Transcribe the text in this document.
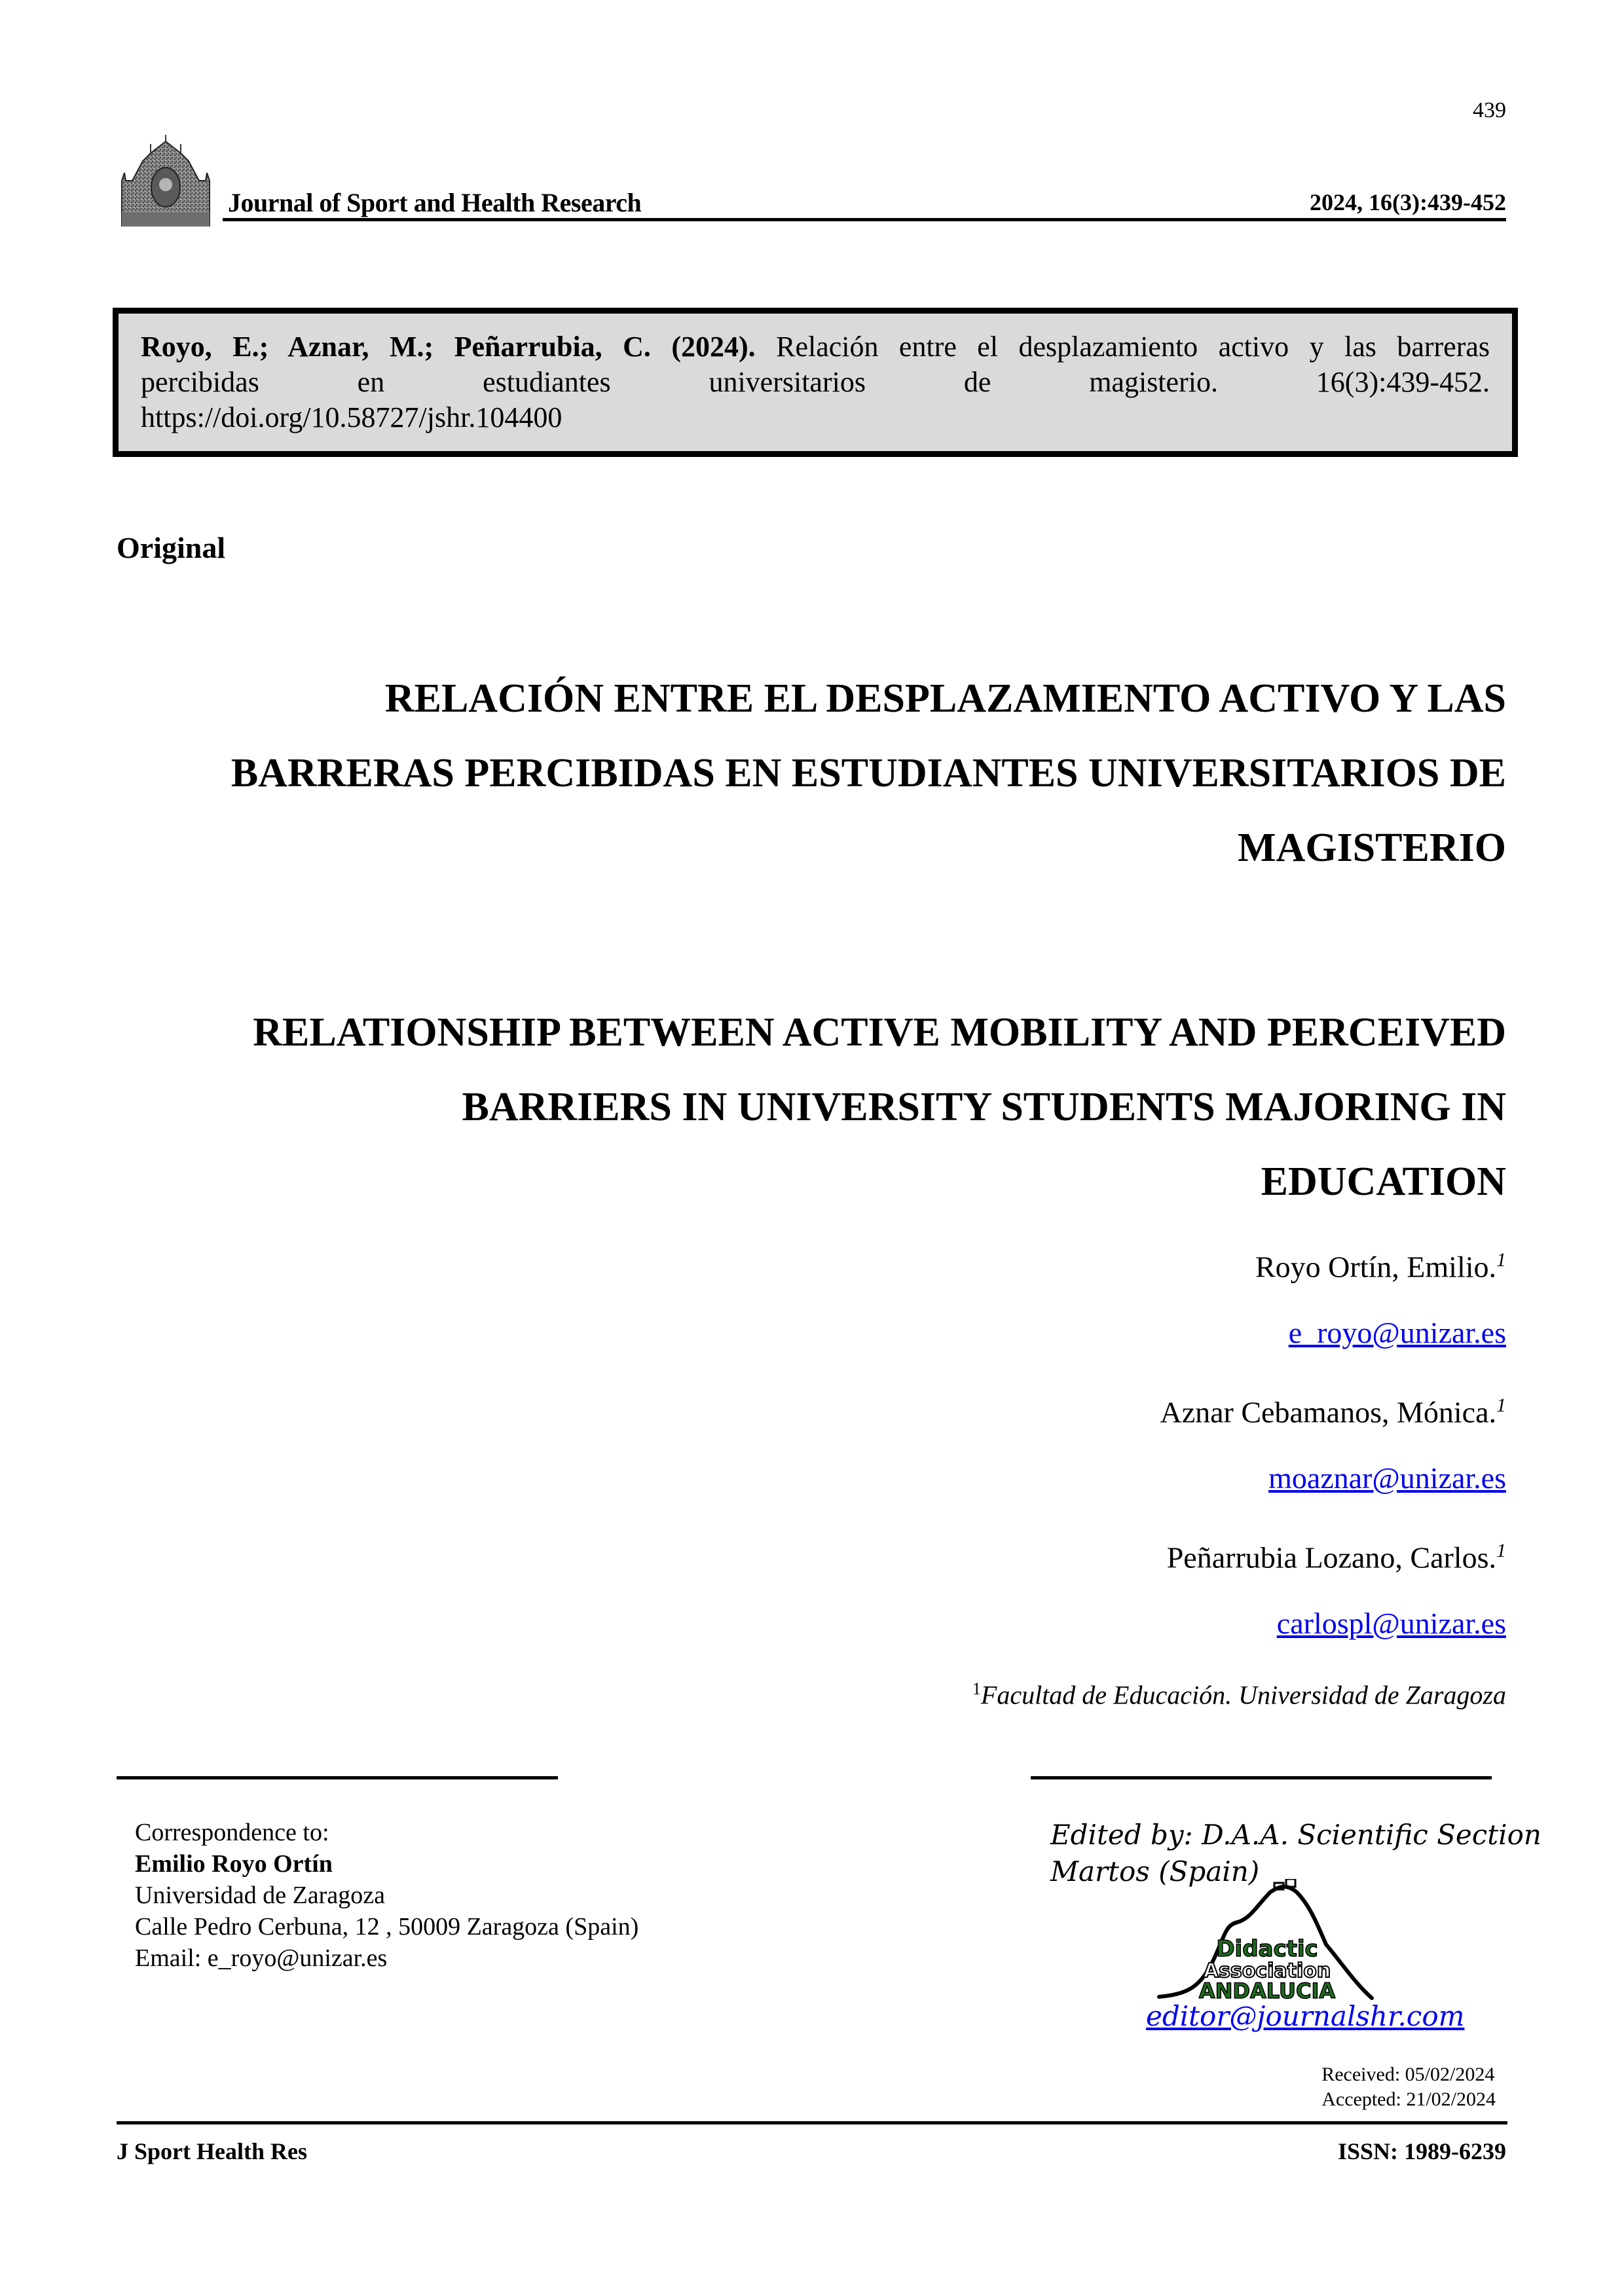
439
Journal of Sport and Health Research	2024, 16(3):439-452
Royo, E.; Aznar, M.; Peñarrubia, C. (2024). Relación entre el desplazamiento activo y las barreras
percibidas en estudiantes universitarios de magisterio. 16(3):439-452.
https://doi.org/10.58727/jshr.104400
Original
RELACIÓN ENTRE EL DESPLAZAMIENTO ACTIVO Y LAS
BARRERAS PERCIBIDAS EN ESTUDIANTES UNIVERSITARIOS DE
MAGISTERIO
RELATIONSHIP BETWEEN ACTIVE MOBILITY AND PERCEIVED
BARRIERS IN UNIVERSITY STUDENTS MAJORING IN
EDUCATION
Royo Ortín, Emilio.$^1$
e_royo@unizar.es
Aznar Cebamanos, Mónica.$^1$
moaznar@unizar.es
Peñarrubia Lozano, Carlos.$^1$
carlospl@unizar.es
$^1$Facultad de Educación. Universidad de Zaragoza
Correspondence to:
Emilio Royo Ortín
Universidad de Zaragoza
Calle Pedro Cerbuna, 12 , 50009 Zaragoza (Spain)
Email: e_royo@unizar.es
Edited by: D.A.A. Scientific Section
Martos (Spain)
Didactic
Association
ANDALUCIA
editor@journalshr.com
Received: 05/02/2024
Accepted: 21/02/2024
J Sport Health Res	ISSN: 1989-6239
